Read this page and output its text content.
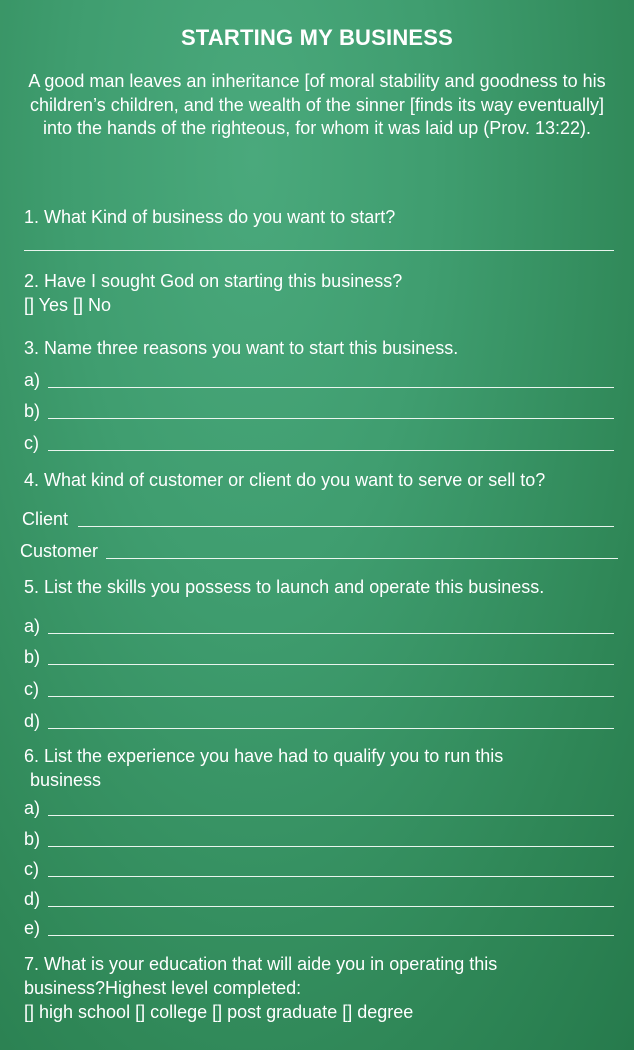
STARTING MY BUSINESS
A good man leaves an inheritance [of moral stability and goodness to his children’s children, and the wealth of the sinner [finds its way eventually] into the hands of the righteous, for whom it was laid up (Prov. 13:22).
1. What Kind of business do you want to start?
2. Have I sought God on starting this business?
[] Yes [] No
3. Name three reasons you want to start this business.
a)
b)
c)
4. What kind of customer or client do you want to serve or sell to?
Client
Customer
5. List the skills you possess to launch and operate this business.
a)
b)
c)
d)
6. List the experience you have had to qualify you to run this
business
a)
b)
c)
d)
e)
7. What is your education that will aide you in operating this
business?Highest level completed:
[] high school [] college [] post graduate [] degree
